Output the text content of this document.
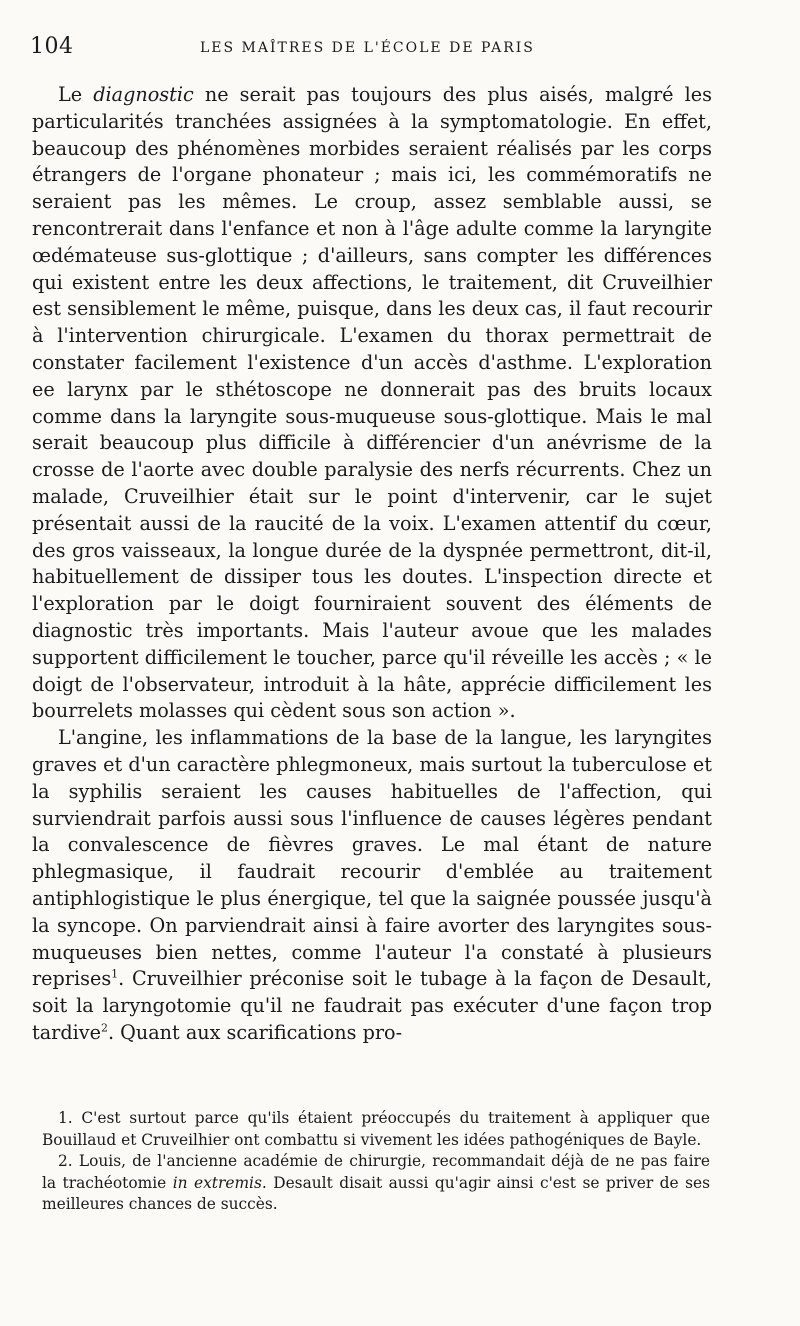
104	LES MAÎTRES DE L'ÉCOLE DE PARIS

Le diagnostic ne serait pas toujours des plus aisés, malgré les particularités tranchées assignées à la symptomatologie. En effet, beaucoup des phénomènes morbides seraient réalisés par les corps étrangers de l'organe phonateur ; mais ici, les commémoratifs ne seraient pas les mêmes. Le croup, assez semblable aussi, se rencontrerait dans l'enfance et non à l'âge adulte comme la laryngite œdémateuse sus-glottique ; d'ailleurs, sans compter les différences qui existent entre les deux affections, le traitement, dit Cruveilhier est sensiblement le même, puisque, dans les deux cas, il faut recourir à l'intervention chirurgicale. L'examen du thorax permettrait de constater facilement l'existence d'un accès d'asthme. L'exploration ee larynx par le sthétoscope ne donnerait pas des bruits locaux comme dans la laryngite sous-muqueuse sous-glottique. Mais le mal serait beaucoup plus difficile à différencier d'un anévrisme de la crosse de l'aorte avec double paralysie des nerfs récurrents. Chez un malade, Cruveilhier était sur le point d'intervenir, car le sujet présentait aussi de la raucité de la voix. L'examen attentif du cœur, des gros vaisseaux, la longue durée de la dyspnée permettront, dit-il, habituellement de dissiper tous les doutes. L'inspection directe et l'exploration par le doigt fourniraient souvent des éléments de diagnostic très importants. Mais l'auteur avoue que les malades supportent difficilement le toucher, parce qu'il réveille les accès ; « le doigt de l'observateur, introduit à la hâte, apprécie difficilement les bourrelets molasses qui cèdent sous son action ».

L'angine, les inflammations de la base de la langue, les laryngites graves et d'un caractère phlegmoneux, mais surtout la tuberculose et la syphilis seraient les causes habituelles de l'affection, qui surviendrait parfois aussi sous l'influence de causes légères pendant la convalescence de fièvres graves. Le mal étant de nature phlegmasique, il faudrait recourir d'emblée au traitement antiphlogistique le plus énergique, tel que la saignée poussée jusqu'à la syncope. On parviendrait ainsi à faire avorter des laryngites sous-muqueuses bien nettes, comme l'auteur l'a constaté à plusieurs reprises$^1$. Cruveilhier préconise soit le tubage à la façon de Desault, soit la laryngotomie qu'il ne faudrait pas exécuter d'une façon trop tardive$^2$. Quant aux scarifications pro-

1. C'est surtout parce qu'ils étaient préoccupés du traitement à appliquer que Bouillaud et Cruveilhier ont combattu si vivement les idées pathogéniques de Bayle.

2. Louis, de l'ancienne académie de chirurgie, recommandait déjà de ne pas faire la trachéotomie in extremis. Desault disait aussi qu'agir ainsi c'est se priver de ses meilleures chances de succès.
